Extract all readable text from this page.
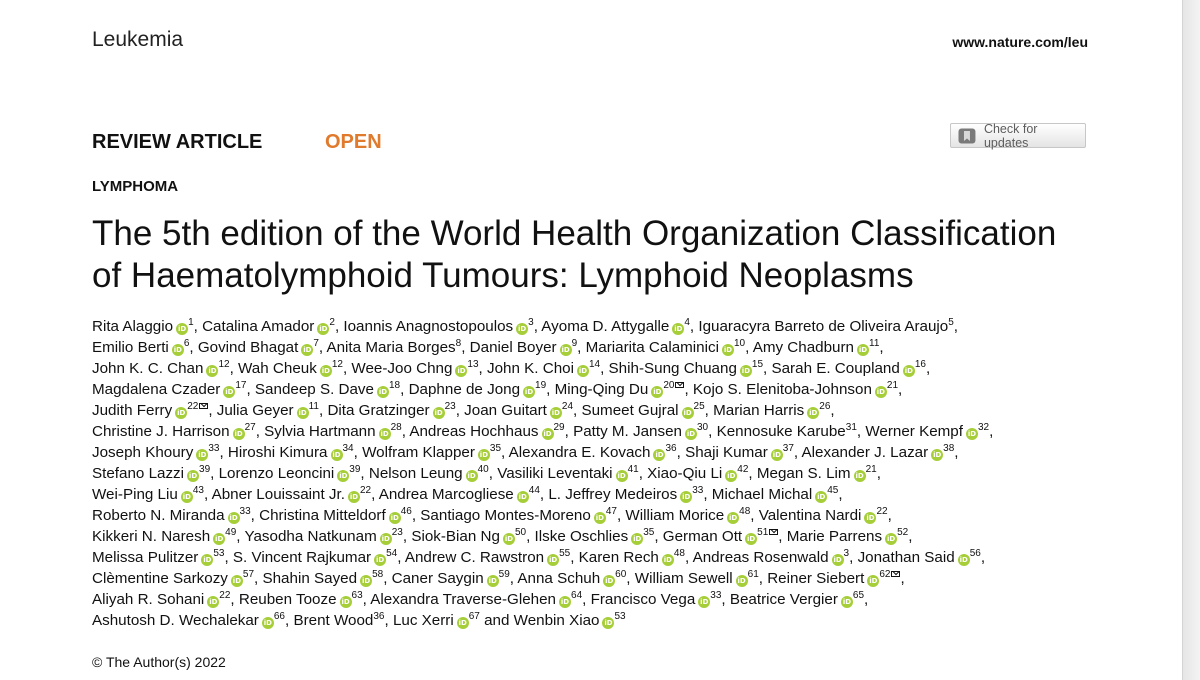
Leukemia	www.nature.com/leu
REVIEW ARTICLE	OPEN
Check for updates
LYMPHOMA
The 5th edition of the World Health Organization Classification
of Haematolymphoid Tumours: Lymphoid Neoplasms
Rita Alaggio iD$^1$, Catalina Amador iD$^2$, Ioannis Anagnostopoulos iD$^3$, Ayoma D. Attygalle iD$^4$, Iguaracyra Barreto de Oliveira Araujo$^5$,
Emilio Berti iD$^6$, Govind Bhagat iD$^7$, Anita Maria Borges$^8$, Daniel Boyer iD$^9$, Mariarita Calaminici iD$^{10}$, Amy Chadburn iD$^{11}$,
John K. C. Chan iD$^{12}$, Wah Cheuk iD$^{12}$, Wee-Joo Chng iD$^{13}$, John K. Choi iD$^{14}$, Shih-Sung Chuang iD$^{15}$, Sarah E. Coupland iD$^{16}$,
Magdalena Czader iD$^{17}$, Sandeep S. Dave iD$^{18}$, Daphne de Jong iD$^{19}$, Ming-Qing Du iD$^{20}$ , Kojo S. Elenitoba-Johnson iD$^{21}$,
Judith Ferry iD$^{22}$ , Julia Geyer iD$^{11}$, Dita Gratzinger iD$^{23}$, Joan Guitart iD$^{24}$, Sumeet Gujral iD$^{25}$, Marian Harris iD$^{26}$,
Christine J. Harrison iD$^{27}$, Sylvia Hartmann iD$^{28}$, Andreas Hochhaus iD$^{29}$, Patty M. Jansen iD$^{30}$, Kennosuke Karube$^{31}$, Werner Kempf iD$^{32}$,
Joseph Khoury iD$^{33}$, Hiroshi Kimura iD$^{34}$, Wolfram Klapper iD$^{35}$, Alexandra E. Kovach iD$^{36}$, Shaji Kumar iD$^{37}$, Alexander J. Lazar iD$^{38}$,
Stefano Lazzi iD$^{39}$, Lorenzo Leoncini iD$^{39}$, Nelson Leung iD$^{40}$, Vasiliki Leventaki iD$^{41}$, Xiao-Qiu Li iD$^{42}$, Megan S. Lim iD$^{21}$,
Wei-Ping Liu iD$^{43}$, Abner Louissaint Jr. iD$^{22}$, Andrea Marcogliese iD$^{44}$, L. Jeffrey Medeiros iD$^{33}$, Michael Michal iD$^{45}$,
Roberto N. Miranda iD$^{33}$, Christina Mitteldorf iD$^{46}$, Santiago Montes-Moreno iD$^{47}$, William Morice iD$^{48}$, Valentina Nardi iD$^{22}$,
Kikkeri N. Naresh iD$^{49}$, Yasodha Natkunam iD$^{23}$, Siok-Bian Ng iD$^{50}$, Ilske Oschlies iD$^{35}$, German Ott iD$^{51}$ , Marie Parrens iD$^{52}$,
Melissa Pulitzer iD$^{53}$, S. Vincent Rajkumar iD$^{54}$, Andrew C. Rawstron iD$^{55}$, Karen Rech iD$^{48}$, Andreas Rosenwald iD$^3$, Jonathan Said iD$^{56}$,
Clèmentine Sarkozy iD$^{57}$, Shahin Sayed iD$^{58}$, Caner Saygin iD$^{59}$, Anna Schuh iD$^{60}$, William Sewell iD$^{61}$, Reiner Siebert iD$^{62}$ ,
Aliyah R. Sohani iD$^{22}$, Reuben Tooze iD$^{63}$, Alexandra Traverse-Glehen iD$^{64}$, Francisco Vega iD$^{33}$, Beatrice Vergier iD$^{65}$,
Ashutosh D. Wechalekar iD$^{66}$, Brent Wood$^{36}$, Luc Xerri iD$^{67}$ and Wenbin Xiao iD$^{53}$
© The Author(s) 2022
